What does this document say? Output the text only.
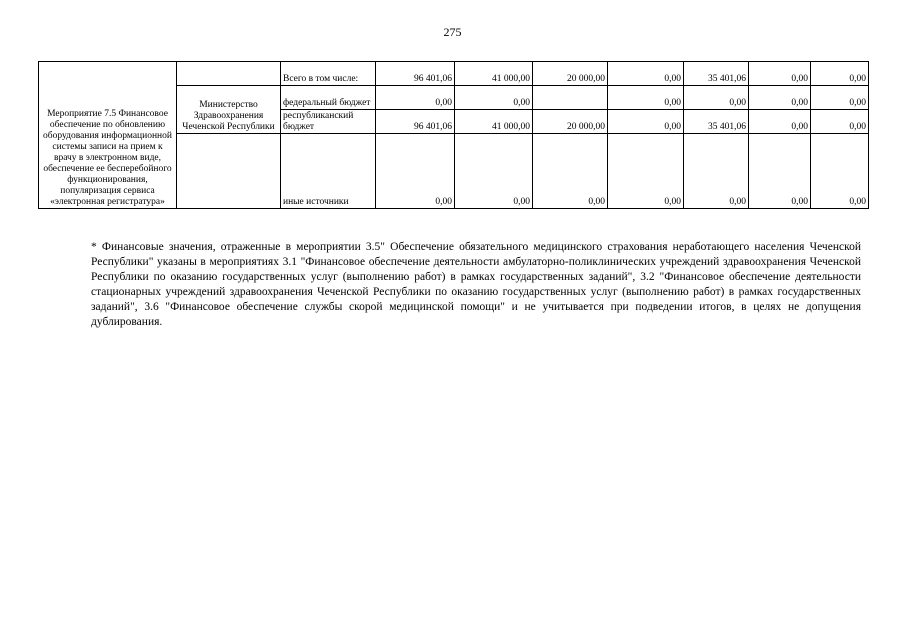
275
Мероприятие 7.5 Финансовое обеспечение по обновлению оборудования информационной системы записи на прием к врачу в электронном виде, обеспечение ее бесперебойного функционирования, популяризация сервиса «электронная регистратура»		Всего в том числе:	96 401,06	41 000,00	20 000,00	0,00	35 401,06	0,00	0,00
	Министерство Здравоохранения Чеченской Республики	федеральный бюджет	0,00	0,00		0,00	0,00	0,00	0,00
		республиканский бюджет	96 401,06	41 000,00	20 000,00	0,00	35 401,06	0,00	0,00
		иные источники	0,00	0,00	0,00	0,00	0,00	0,00	0,00
* Финансовые значения, отраженные в мероприятии 3.5" Обеспечение обязательного медицинского страхования неработающего населения Чеченской Республики" указаны в мероприятиях 3.1 "Финансовое обеспечение деятельности амбулаторно-поликлинических учреждений здравоохранения Чеченской Республики по оказанию государственных услуг (выполнению работ) в рамках государственных заданий", 3.2 "Финансовое обеспечение деятельности стационарных учреждений здравоохранения Чеченской Республики по оказанию государственных услуг (выполнению работ) в рамках государственных заданий", 3.6 "Финансовое обеспечение службы скорой медицинской помощи" и не учитывается при подведении итогов, в целях не допущения дублирования.
